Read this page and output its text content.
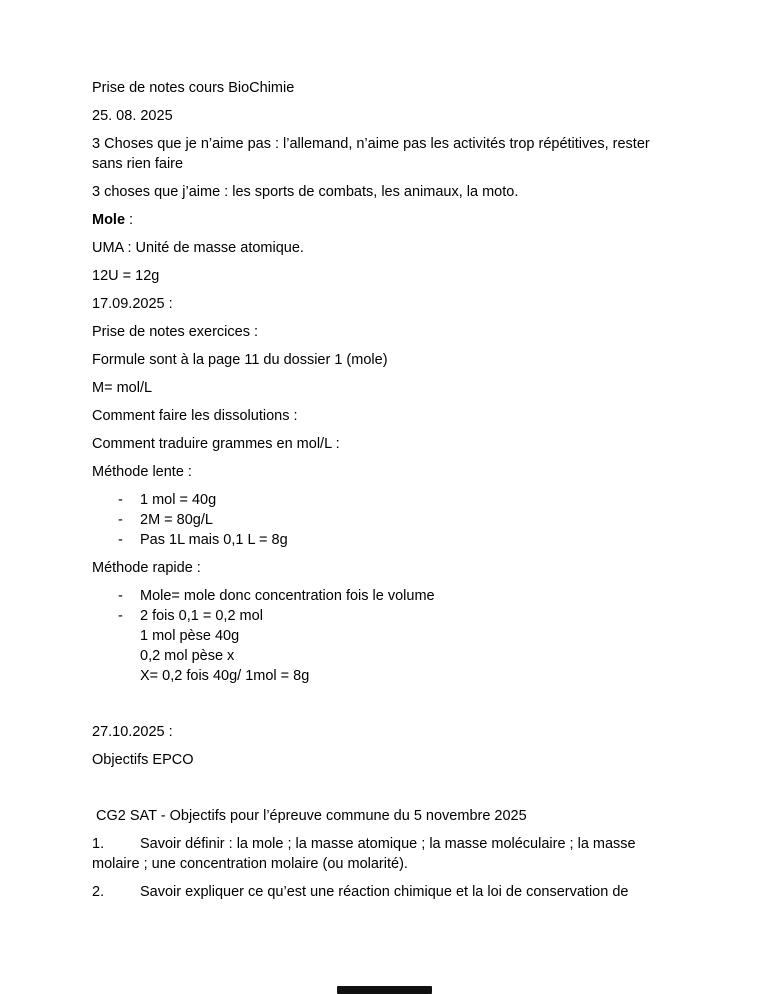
Prise de notes cours BioChimie

25. 08. 2025

3 Choses que je n’aime pas : l’allemand, n’aime pas les activités trop répétitives, rester sans rien faire

3 choses que j’aime : les sports de combats, les animaux, la moto.

Mole :

UMA : Unité de masse atomique.

12U = 12g

17.09.2025 :

Prise de notes exercices :

Formule sont à la page 11 du dossier 1 (mole)

M= mol/L

Comment faire les dissolutions :

Comment traduire grammes en mol/L :

Méthode lente :

-	1 mol = 40g
-	2M = 80g/L
-	Pas 1L mais 0,1 L = 8g

Méthode rapide :

-	Mole= mole donc concentration fois le volume
-	2 fois 0,1 = 0,2 mol
1 mol pèse 40g
0,2 mol pèse x
X= 0,2 fois 40g/ 1mol = 8g

27.10.2025 :

Objectifs EPCO

CG2 SAT - Objectifs pour l’épreuve commune du 5 novembre 2025

1. Savoir définir : la mole ; la masse atomique ; la masse moléculaire ; la masse molaire ; une concentration molaire (ou molarité).

2. Savoir expliquer ce qu’est une réaction chimique et la loi de conservation de
